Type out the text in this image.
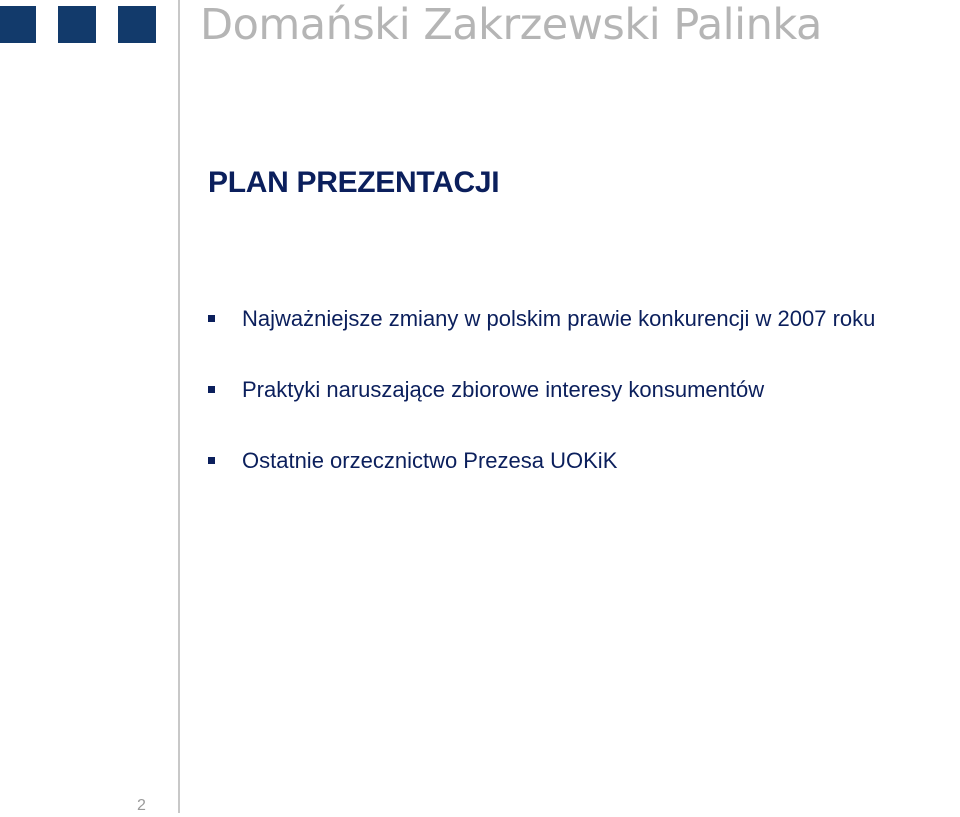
Domański Zakrzewski Palinka
PLAN PREZENTACJI
Najważniejsze zmiany w polskim prawie konkurencji w 2007 roku
Praktyki naruszające zbiorowe interesy konsumentów
Ostatnie orzecznictwo Prezesa UOKiK
2
